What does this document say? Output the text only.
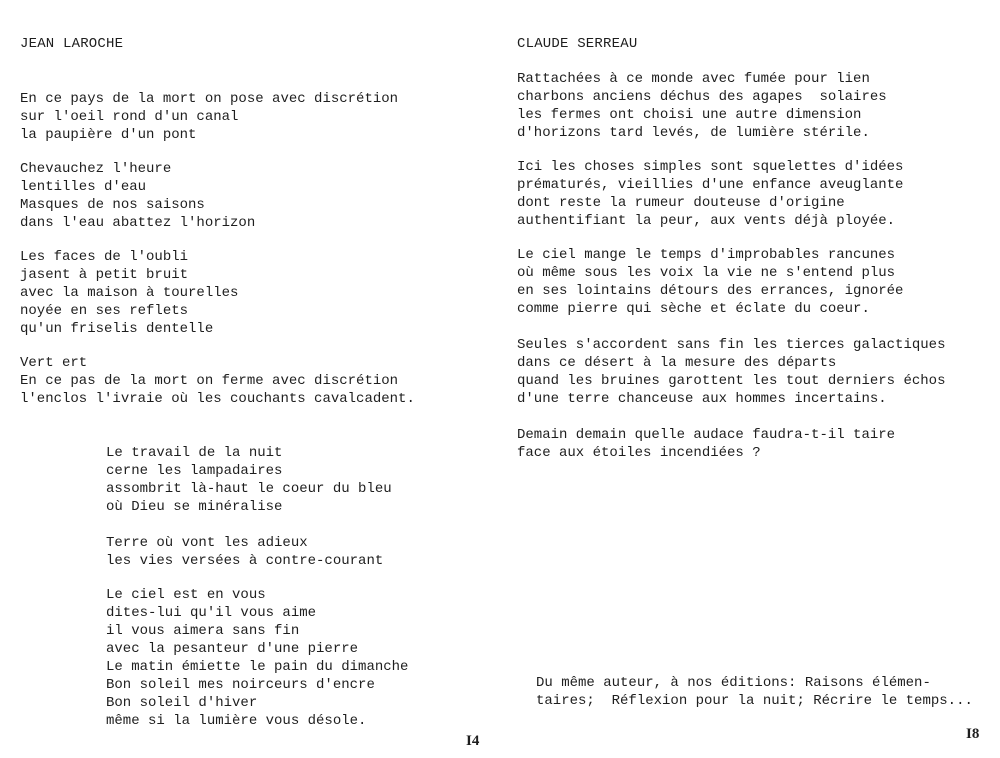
JEAN LAROCHE
En ce pays de la mort on pose avec discrétion
sur l'oeil rond d'un canal
la paupière d'un pont
Chevauchez l'heure
lentilles d'eau
Masques de nos saisons
dans l'eau abattez l'horizon
Les faces de l'oubli
jasent à petit bruit
avec la maison à tourelles
noyée en ses reflets
qu'un friselis dentelle
Vert ert
En ce pas de la mort on ferme avec discrétion
l'enclos l'ivraie où les couchants cavalcadent.
Le travail de la nuit
cerne les lampadaires
assombrit là-haut le coeur du bleu
où Dieu se minéralise
Terre où vont les adieux
les vies versées à contre-courant
Le ciel est en vous
dites-lui qu'il vous aime
il vous aimera sans fin
avec la pesanteur d'une pierre
Le matin émiette le pain du dimanche
Bon soleil mes noirceurs d'encre
Bon soleil d'hiver
même si la lumière vous désole.
I4
CLAUDE SERREAU
Rattachées à ce monde avec fumée pour lien
charbons anciens déchus des agapes  solaires
les fermes ont choisi une autre dimension
d'horizons tard levés, de lumière stérile.
Ici les choses simples sont squelettes d'idées
prématurés, vieillies d'une enfance aveuglante
dont reste la rumeur douteuse d'origine
authentifiant la peur, aux vents déjà ployée.
Le ciel mange le temps d'improbables rancunes
où même sous les voix la vie ne s'entend plus
en ses lointains détours des errances, ignorée
comme pierre qui sèche et éclate du coeur.
Seules s'accordent sans fin les tierces galactiques
dans ce désert à la mesure des départs
quand les bruines garottent les tout derniers échos
d'une terre chanceuse aux hommes incertains.
Demain demain quelle audace faudra-t-il taire
face aux étoiles incendiées ?
Du même auteur, à nos éditions: Raisons élémen-
taires;  Réflexion pour la nuit; Récrire le temps...
I8
